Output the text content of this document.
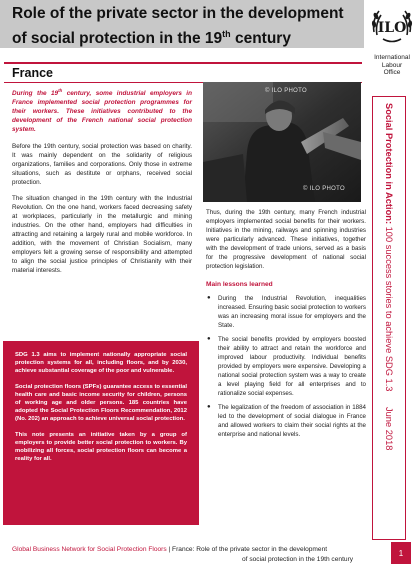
Role of the private sector in the development
of social protection in the 19th century
ILO
International
Labour
Office
France

During the 19th century, some industrial employers in France implemented social protection programmes for their workers. These initiatives contributed to the development of the French national social protection system.

Before the 19th century, social protection was based on charity. It was mainly dependent on the solidarity of religious organizations, families and corporations. Only those in extreme situations, such as destitute or orphans, received social protection.

The situation changed in the 19th century with the Industrial Revolution. On the one hand, workers faced decreasing safety at workplaces, particularly in the metallurgic and mining industries. On the other hand, employers had difficulties in attracting and retaining a largely rural and mobile workforce. In addition, with the movement of Christian Socialism, many employers felt a growing sense of responsibility and attempted to align the social justice principles of Christianity with their material interests.

SDG 1.3 aims to implement nationally appropriate social protection systems for all, including floors, and by 2030, achieve substantial coverage of the poor and vulnerable.

Social protection floors (SPFs) guarantee access to essential health care and basic income security for children, persons of working age and older persons. 185 countries have adopted the Social Protection Floors Recommendation, 2012 (No. 202) an approach to achieve universal social protection.

This note presents an initiative taken by a group of employers to provide better social protection to workers. By mobilizing all forces, social protection floors can become a reality for all.

© ILO PHOTO
© ILO PHOTO

Thus, during the 19th century, many French industrial employers implemented social benefits for their workers. Initiatives in the mining, railways and spinning industries were particularly advanced. These initiatives, together with the development of trade unions, served as a basis for the progressive development of national social protection legislation.

Main lessons learned
● During the Industrial Revolution, inequalities increased. Ensuring basic social protection to workers was an increasing moral issue for employers and the State.
● The social benefits provided by employers boosted their ability to attract and retain the workforce and improved labour productivity. Individual benefits provided by employers were expensive. Developing a national social protection system was a way to create a level playing field for all enterprises and to rationalize social expenses.
● The legalization of the freedom of association in 1884 led to the development of social dialogue in France and allowed workers to claim their social rights at the enterprise and national levels.
Social Protection in Action: 100 success stories to achieve SDG 1.3      June 2018
Global Business Network for Social Protection Floors | France: Role of the private sector in the development
of social protection in the 19th century
1
